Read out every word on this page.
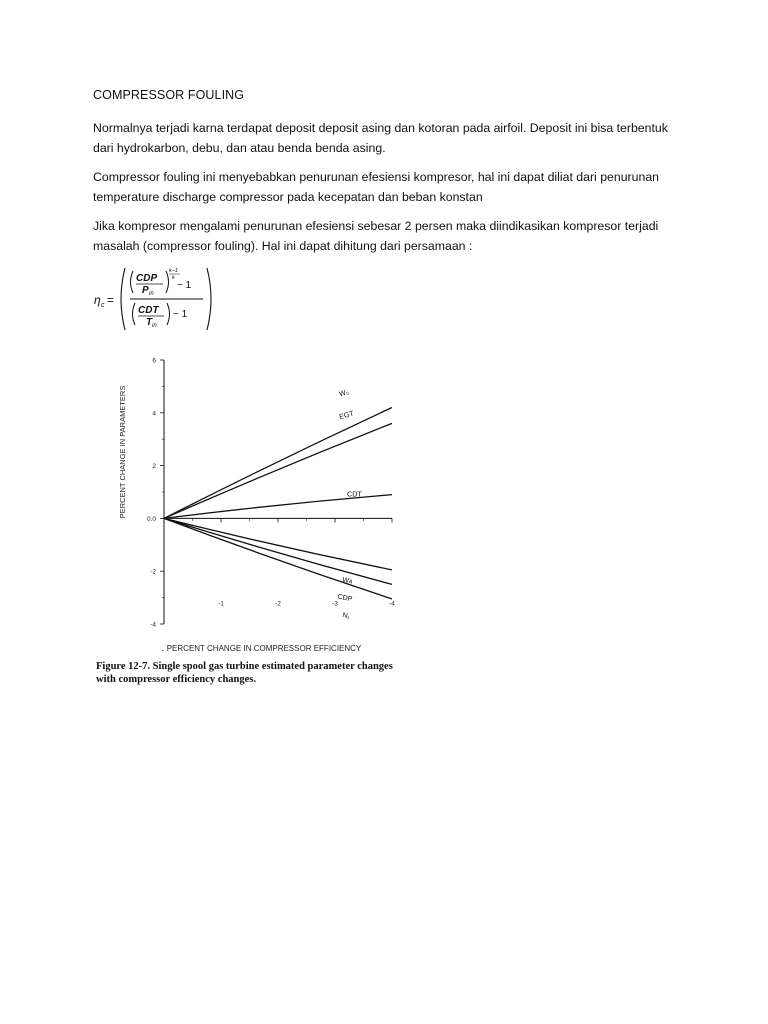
COMPRESSOR FOULING

Normalnya terjadi karna terdapat deposit deposit asing dan kotoran pada airfoil. Deposit ini bisa terbentuk dari hydrokarbon, debu, dan atau benda benda asing.

Compressor fouling ini menyebabkan penurunan efesiensi kompresor, hal ini dapat diliat dari penurunan temperature discharge compressor pada kecepatan dan beban konstan

Jika kompresor mengalami penurunan efesiensi sebesar 2 persen maka diindikasikan kompresor terjadi masalah (compressor fouling). Hal ini dapat dihitung dari persamaan :

η c =
CDP
P in
k−1
k
− 1
CDT
T in
− 1
PERCENT CHANGE IN PARAMETERS
PERCENT CHANGE IN COMPRESSOR EFFICIENCY
6
4
2
0.0
-2
-4
-1	-2	-3	-4
W₀
EGT
CDT
Wᴀ
CDP
N₁
Figure 12-7. Single spool gas turbine estimated parameter changes
with compressor efficiency changes.
